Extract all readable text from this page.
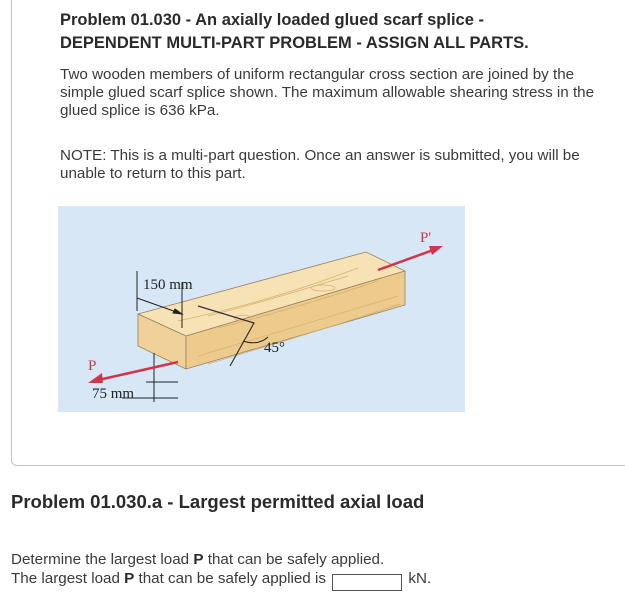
Problem 01.030 - An axially loaded glued scarf splice -
DEPENDENT MULTI-PART PROBLEM - ASSIGN ALL PARTS.
Two wooden members of uniform rectangular cross section are joined by the simple glued scarf splice shown. The maximum allowable shearing stress in the glued splice is 636 kPa.
NOTE: This is a multi-part question. Once an answer is submitted, you will be unable to return to this part.
150 mm
75 mm
45°
P
P'
Problem 01.030.a - Largest permitted axial load
Determine the largest load P that can be safely applied.
The largest load P that can be safely applied is	kN.
